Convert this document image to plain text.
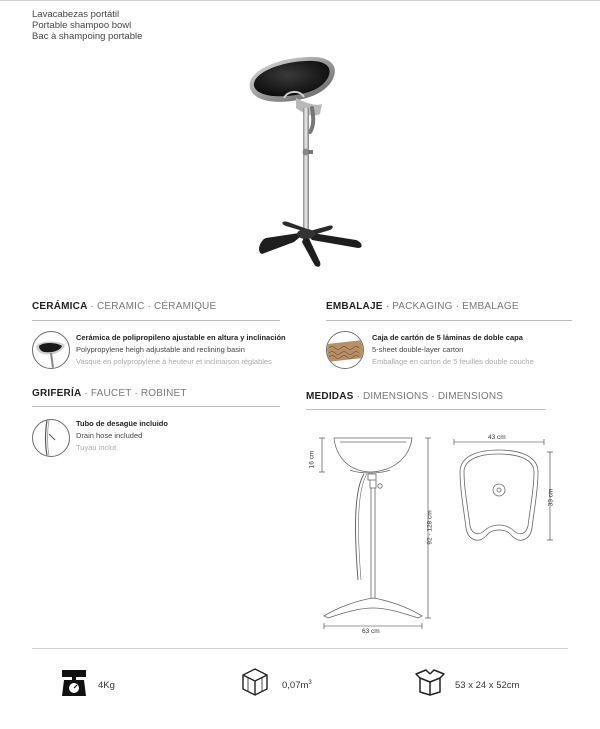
Lavacabezas portátil
Portable shampoo bowl
Bac à shampoing portable
CERÁMICA · CERAMIC · CÉRAMIQUE
Cerámica de polipropileno ajustable en altura y inclinación
Polypropylene heigh adjustable and reclining basin
Vasque en polypropylène à heuteur et inclinaison réglables
EMBALAJE · PACKAGING · EMBALAGE
Caja de cartón de 5 láminas de doble capa
5-sheet double-layer carton
Emballage en carton de 5 feuilles double couche
GRIFERÍA · FAUCET · ROBINET
Tubo de desagüe incluido
Drain hose included
Tuyau inclut
MEDIDAS · DIMENSIONS · DIMENSIONS
16 cm
92 - 128 cm
63 cm
43 cm
33 cm
4Kg	$0,07m^3$	53 x 24 x 52cm
